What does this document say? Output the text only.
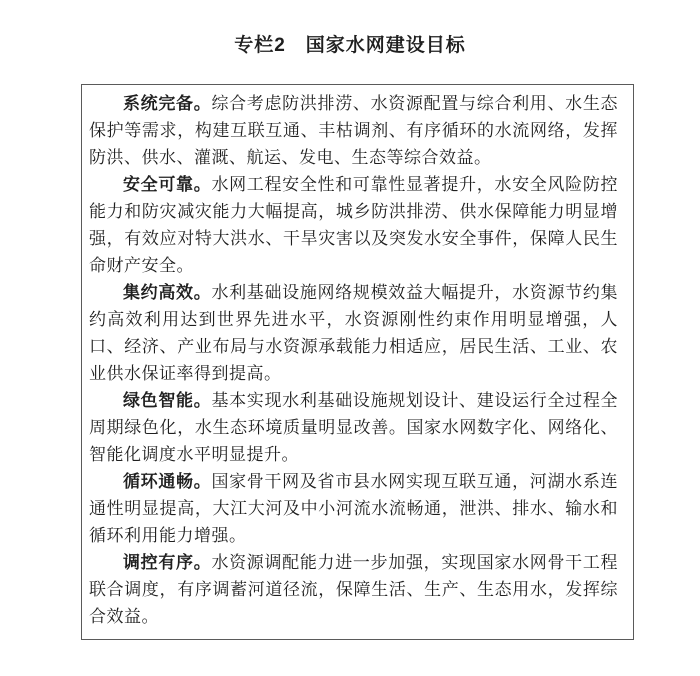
专栏2　国家水网建设目标

系统完备。综合考虑防洪排涝、水资源配置与综合利用、水生态保护等需求，构建互联互通、丰枯调剂、有序循环的水流网络，发挥防洪、供水、灌溉、航运、发电、生态等综合效益。

安全可靠。水网工程安全性和可靠性显著提升，水安全风险防控能力和防灾减灾能力大幅提高，城乡防洪排涝、供水保障能力明显增强，有效应对特大洪水、干旱灾害以及突发水安全事件，保障人民生命财产安全。

集约高效。水利基础设施网络规模效益大幅提升，水资源节约集约高效利用达到世界先进水平，水资源刚性约束作用明显增强，人口、经济、产业布局与水资源承载能力相适应，居民生活、工业、农业供水保证率得到提高。

绿色智能。基本实现水利基础设施规划设计、建设运行全过程全周期绿色化，水生态环境质量明显改善。国家水网数字化、网络化、智能化调度水平明显提升。

循环通畅。国家骨干网及省市县水网实现互联互通，河湖水系连通性明显提高，大江大河及中小河流水流畅通，泄洪、排水、输水和循环利用能力增强。

调控有序。水资源调配能力进一步加强，实现国家水网骨干工程联合调度，有序调蓄河道径流，保障生活、生产、生态用水，发挥综合效益。
